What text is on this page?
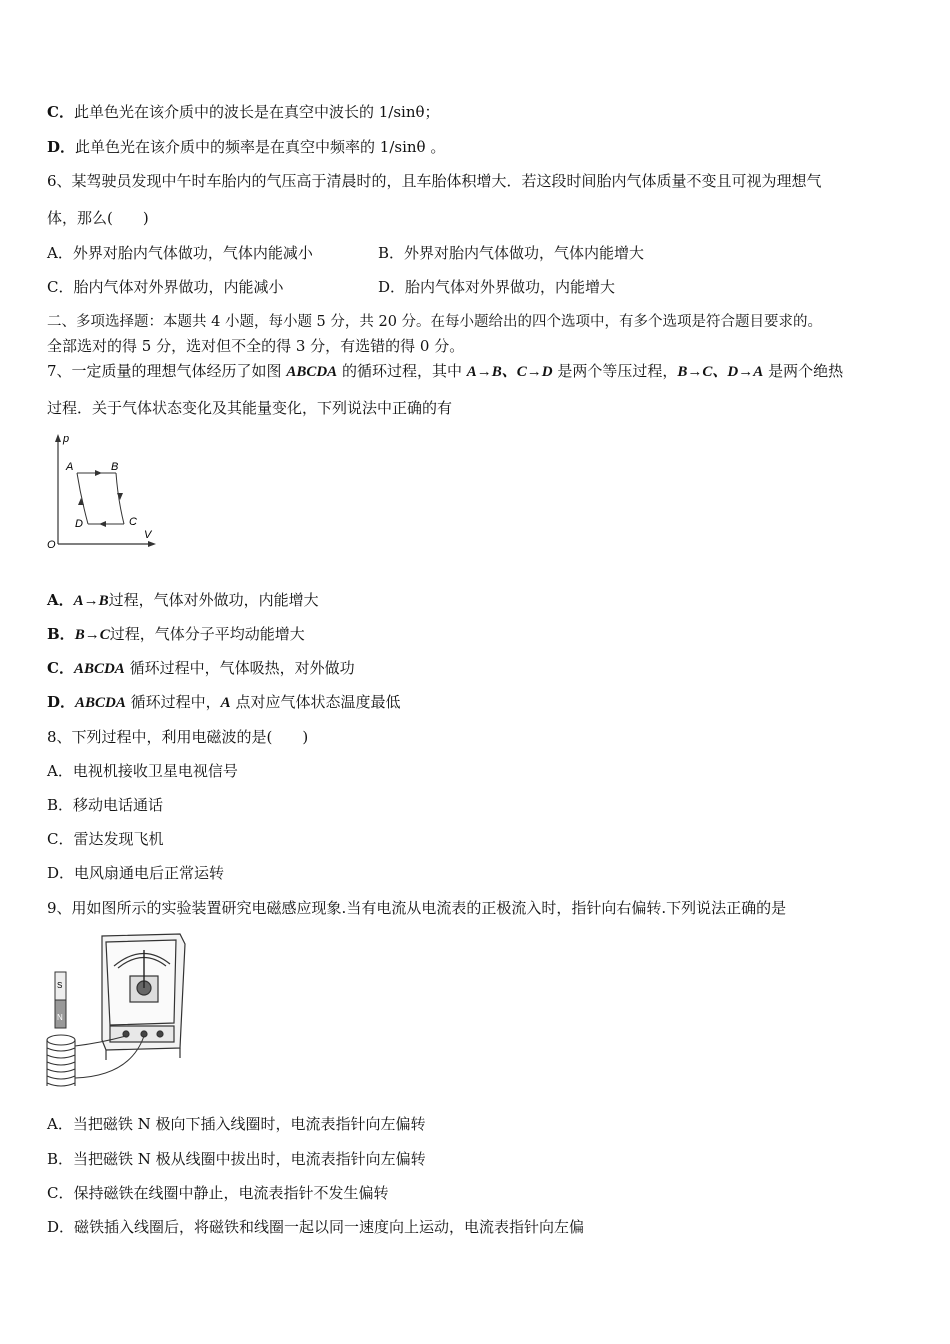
C．此单色光在该介质中的波长是在真空中波长的 1/sinθ；
D．此单色光在该介质中的频率是在真空中频率的 1/sinθ 。
6、某驾驶员发现中午时车胎内的气压高于清晨时的，且车胎体积增大．若这段时间胎内气体质量不变且可视为理想气
体，那么(　　)
A．外界对胎内气体做功，气体内能减小	B．外界对胎内气体做功，气体内能增大
C．胎内气体对外界做功，内能减小	D．胎内气体对外界做功，内能增大
二、多项选择题：本题共 4 小题，每小题 5 分，共 20 分。在每小题给出的四个选项中，有多个选项是符合题目要求的。
全部选对的得 5 分，选对但不全的得 3 分，有选错的得 0 分。
7、一定质量的理想气体经历了如图 ABCDA 的循环过程，其中 A→B、C→D 是两个等压过程，B→C、D→A 是两个绝热
过程．关于气体状态变化及其能量变化，下列说法中正确的有
p
V
O
A	B
C
D
A．A→B过程，气体对外做功，内能增大
B．B→C过程，气体分子平均动能增大
C．ABCDA 循环过程中，气体吸热，对外做功
D．ABCDA 循环过程中，A 点对应气体状态温度最低
8、下列过程中，利用电磁波的是(　　)
A．电视机接收卫星电视信号
B．移动电话通话
C．雷达发现飞机
D．电风扇通电后正常运转
9、用如图所示的实验装置研究电磁感应现象.当有电流从电流表的正极流入时，指针向右偏转.下列说法正确的是
S
N
A．当把磁铁 N 极向下插入线圈时，电流表指针向左偏转
B．当把磁铁 N 极从线圈中拔出时，电流表指针向左偏转
C．保持磁铁在线圈中静止，电流表指针不发生偏转
D．磁铁插入线圈后，将磁铁和线圈一起以同一速度向上运动，电流表指针向左偏
